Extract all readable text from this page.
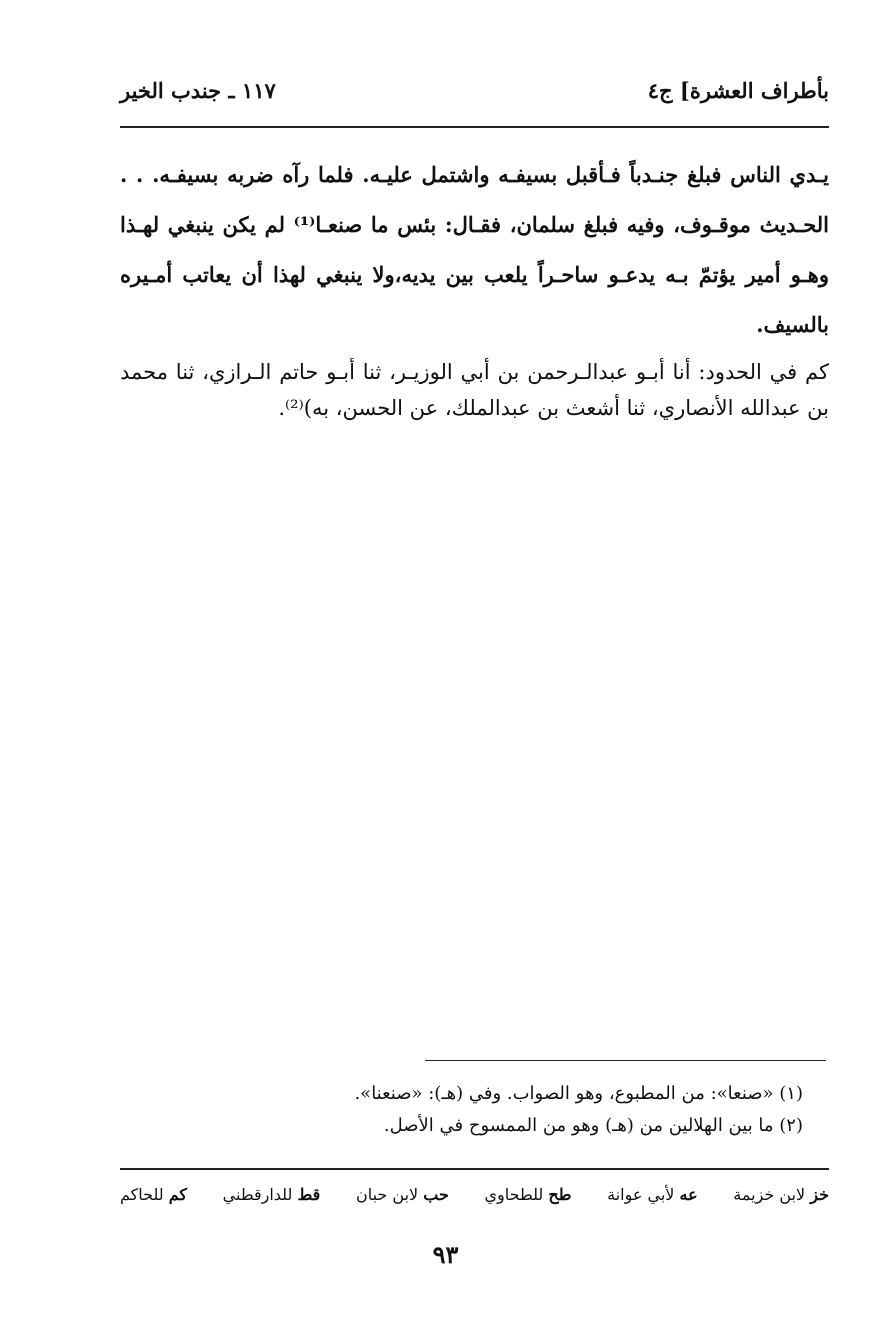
بأطراف العشرة] ج٤
١١٧ ـ جندب الخير

يـدي الناس فبلغ جنـدباً فـأقبل بسيفـه واشتمل عليـه. فلما رآه ضربه بسيفـه. . . الحـديث موقـوف، وفيه فبلغ سلمان، فقـال: بئس ما صنعـا⁽¹⁾ لم يكن ينبغي لهـذا وهـو أمير يؤتمّ بـه يدعـو ساحـراً يلعب بين يديه،ولا ينبغي لهذا أن يعاتب أمـيره بالسيف.

كم في الحدود: أنا أبـو عبدالـرحمن بن أبي الوزيـر، ثنا أبـو حاتم الـرازي، ثنا محمد بن عبدالله الأنصاري، ثنا أشعث بن عبدالملك، عن الحسن، به)⁽²⁾.

(١) «صنعا»: من المطبوع، وهو الصواب. وفي (هـ): «صنعنا».
(٢) ما بين الهلالين من (هـ) وهو من الممسوح في الأصل.
خز لابن خزيمة
عه لأبي عوانة
طح للطحاوي
حب لابن حبان
قط للدارقطني
كم للحاكم
٩٣
